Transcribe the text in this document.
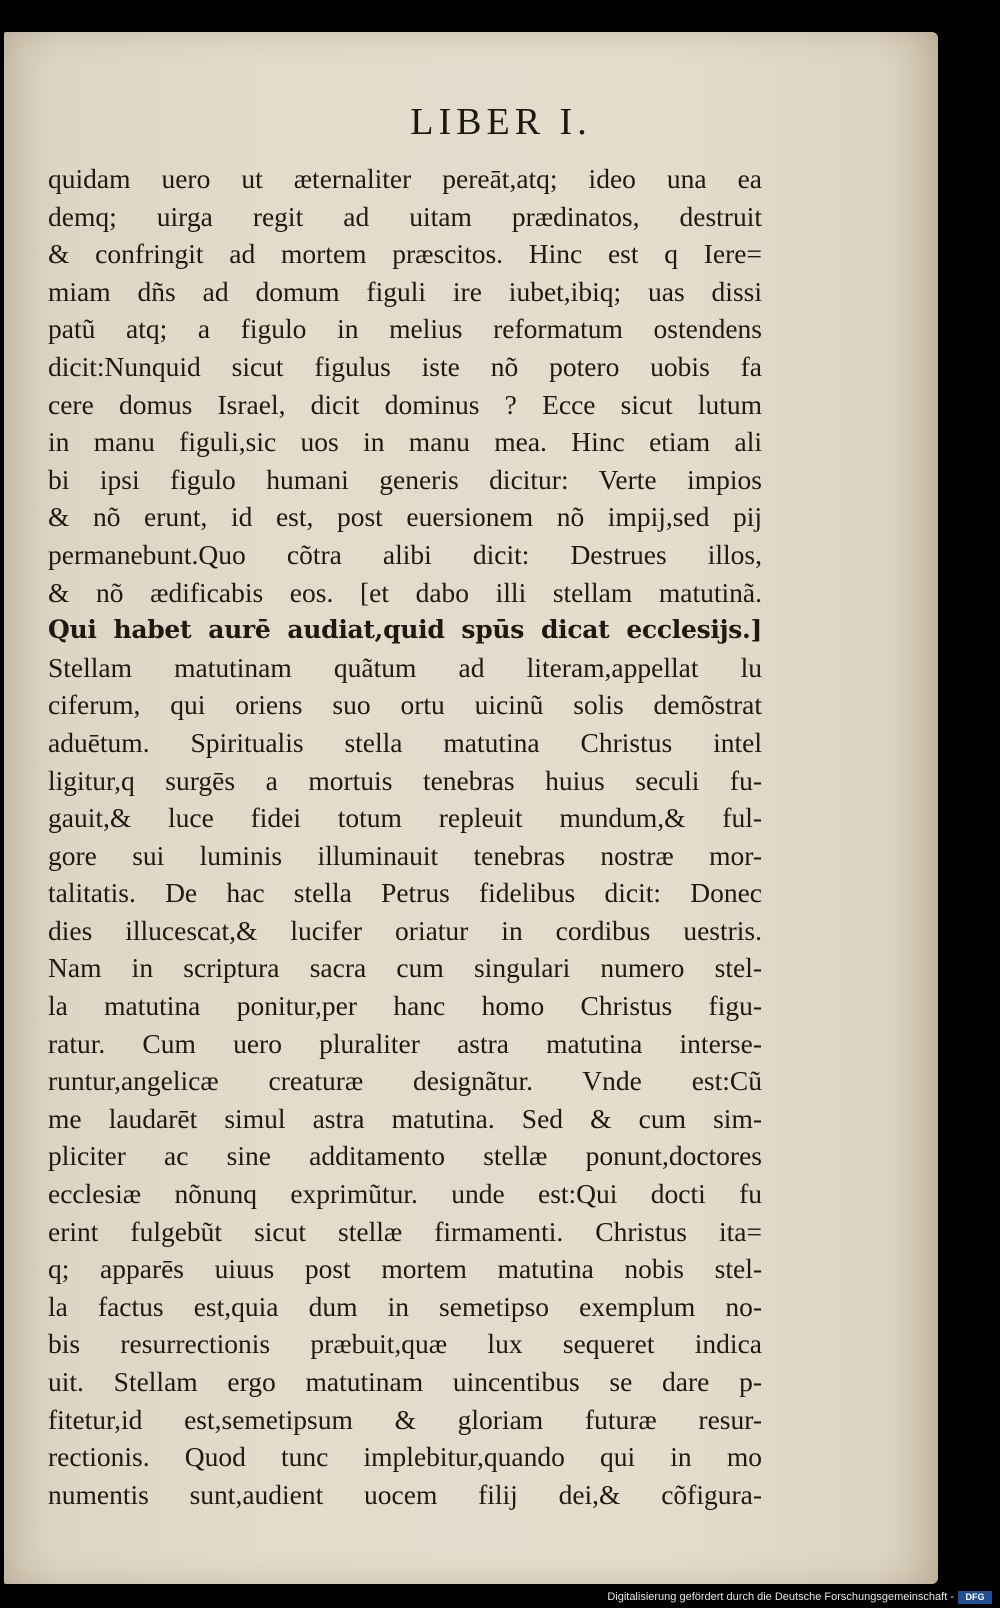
LIBER I.
quidam uero ut æternaliter pereāt,atq; ideo una ea
demq; uirga regit ad uitam prædinatos, destruit
& confringit ad mortem præscitos. Hinc est q Iere=
miam dñs ad domum figuli ire iubet,ibiq; uas dissi
patũ atq; a figulo in melius reformatum ostendens
dicit:Nunquid sicut figulus iste nõ potero uobis fa
cere domus Israel, dicit dominus ? Ecce sicut lutum
in manu figuli,sic uos in manu mea. Hinc etiam ali
bi ipsi figulo humani generis dicitur: Verte impios
& nõ erunt, id est, post euersionem nõ impij,sed pij
permanebunt.Quo cõtra alibi dicit: Destrues illos,
& nõ ædificabis eos. [et dabo illi stellam matutinã.
Qui habet aurē audiat,quid spūs dicat ecclesijs.]
Stellam matutinam quãtum ad literam,appellat lu
ciferum, qui oriens suo ortu uicinũ solis demõstrat
aduētum. Spiritualis stella matutina Christus intel
ligitur,q surgēs a mortuis tenebras huius seculi fu-
gauit,& luce fidei totum repleuit mundum,& ful-
gore sui luminis illuminauit tenebras nostræ mor-
talitatis. De hac stella Petrus fidelibus dicit: Donec
dies illucescat,& lucifer oriatur in cordibus uestris.
Nam in scriptura sacra cum singulari numero stel-
la matutina ponitur,per hanc homo Christus figu-
ratur. Cum uero pluraliter astra matutina interse-
runtur,angelicæ creaturæ designãtur. Vnde est:Cũ
me laudarēt simul astra matutina. Sed & cum sim-
pliciter ac sine additamento stellæ ponunt,doctores
ecclesiæ nõnunq exprimũtur. unde est:Qui docti fu
erint fulgebũt sicut stellæ firmamenti. Christus ita=
q; apparēs uiuus post mortem matutina nobis stel-
la factus est,quia dum in semetipso exemplum no-
bis resurrectionis præbuit,quæ lux sequeret indica
uit. Stellam ergo matutinam uincentibus se dare p-
fitetur,id est,semetipsum & gloriam futuræ resur-
rectionis. Quod tunc implebitur,quando qui in mo
numentis sunt,audient uocem filij dei,& cõfigura-
Digitalisierung gefördert durch die Deutsche Forschungsgemeinschaft -	DFG
